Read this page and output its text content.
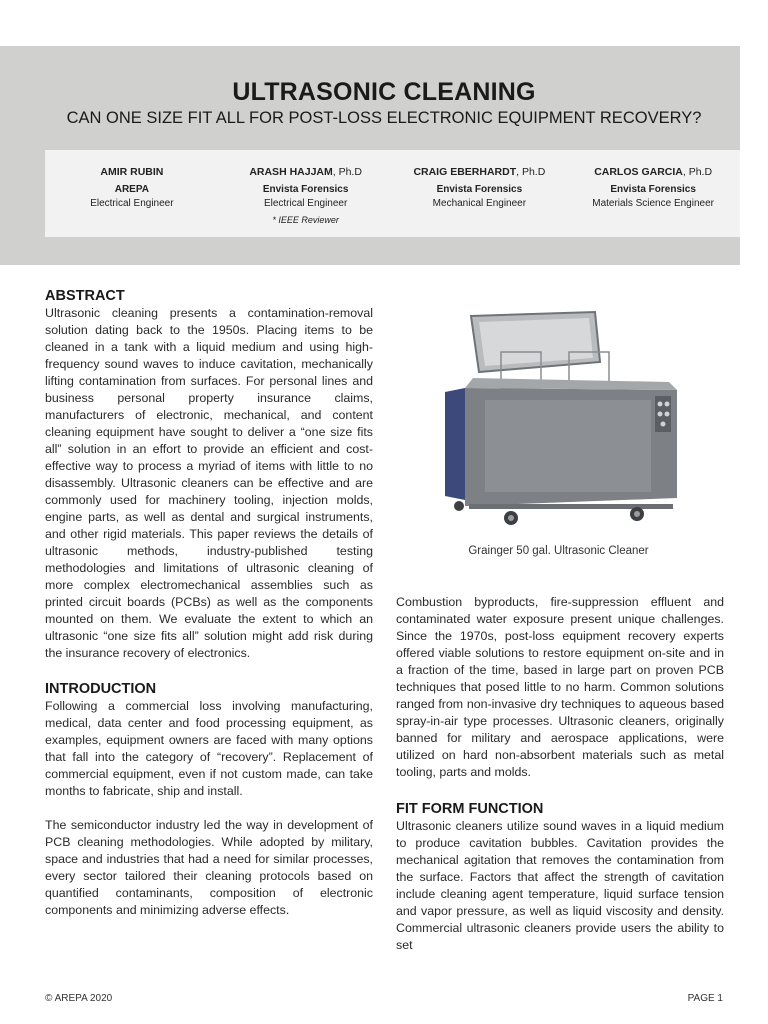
ULTRASONIC CLEANING
CAN ONE SIZE FIT ALL FOR POST-LOSS ELECTRONIC EQUIPMENT RECOVERY?
AMIR RUBIN
AREPA
Electrical Engineer
ARASH HAJJAM, Ph.D
Envista Forensics
Electrical Engineer
* IEEE Reviewer
CRAIG EBERHARDT, Ph.D
Envista Forensics
Mechanical Engineer
CARLOS GARCIA, Ph.D
Envista Forensics
Materials Science Engineer
ABSTRACT

Ultrasonic cleaning presents a contamination-removal solution dating back to the 1950s. Placing items to be cleaned in a tank with a liquid medium and using high-frequency sound waves to induce cavitation, mechanically lifting contamination from surfaces. For personal lines and business personal property insurance claims, manufacturers of electronic, mechanical, and content cleaning equipment have sought to deliver a “one size fits all” solution in an effort to provide an efficient and cost-effective way to process a myriad of items with little to no disassembly. Ultrasonic cleaners can be effective and are commonly used for machinery tooling, injection molds, engine parts, as well as dental and surgical instruments, and other rigid materials. This paper reviews the details of ultrasonic methods, industry-published testing methodologies and limitations of ultrasonic cleaning of more complex electromechanical assemblies such as printed circuit boards (PCBs) as well as the components mounted on them. We evaluate the extent to which an ultrasonic “one size fits all” solution might add risk during the insurance recovery of electronics.

INTRODUCTION

Following a commercial loss involving manufacturing, medical, data center and food processing equipment, as examples, equipment owners are faced with many options that fall into the category of “recovery”. Replacement of commercial equipment, even if not custom made, can take months to fabricate, ship and install.

The semiconductor industry led the way in development of PCB cleaning methodologies. While adopted by military, space and industries that had a need for similar processes, every sector tailored their cleaning protocols based on quantified contaminants, composition of electronic components and minimizing adverse effects.

Grainger 50 gal. Ultrasonic Cleaner

Combustion byproducts, fire-suppression effluent and contaminated water exposure present unique challenges. Since the 1970s, post-loss equipment recovery experts offered viable solutions to restore equipment on-site and in a fraction of the time, based in large part on proven PCB techniques that posed little to no harm. Common solutions ranged from non-invasive dry techniques to aqueous based spray-in-air type processes. Ultrasonic cleaners, originally banned for military and aerospace applications, were utilized on hard non-absorbent materials such as metal tooling, parts and molds.

FIT FORM FUNCTION

Ultrasonic cleaners utilize sound waves in a liquid medium to produce cavitation bubbles. Cavitation provides the mechanical agitation that removes the contamination from the surface. Factors that affect the strength of cavitation include cleaning agent temperature, liquid surface tension and vapor pressure, as well as liquid viscosity and density. Commercial ultrasonic cleaners provide users the ability to set

© AREPA 2020	PAGE 1
